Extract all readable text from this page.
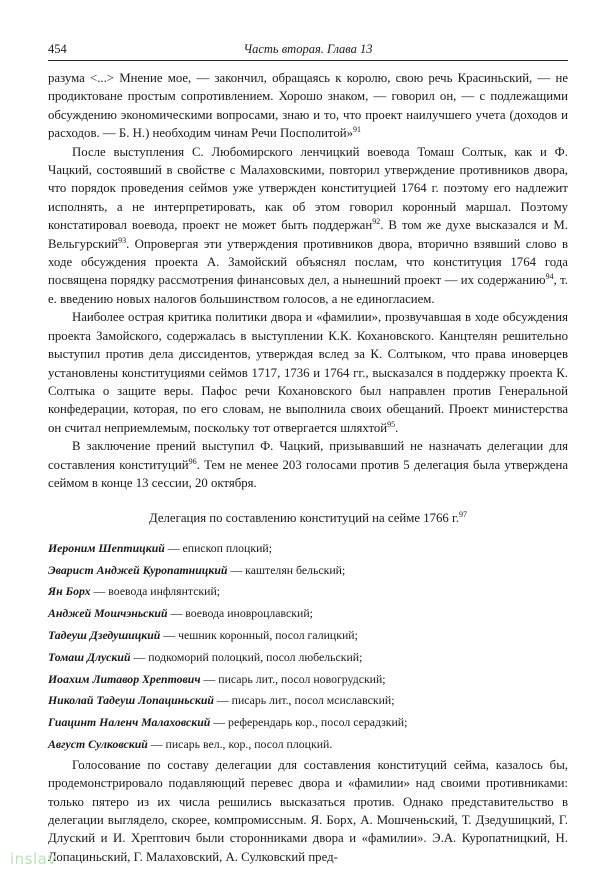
454	Часть вторая. Глава 13

разума <...> Мнение мое, — закончил, обращаясь к королю, свою речь Красиньский, — не продиктоване простым сопротивлением. Хорошо знаком, — говорил он, — с подлежащими обсуждению экономическими вопросами, знаю и то, что проект наилучшего учета (доходов и расходов. — Б. Н.) необходим чинам Речи Посполитой»$^{91}$

После выступления С. Любомирского ленчицкий воевода Томаш Солтык, как и Ф. Чацкий, состоявший в свойстве с Малаховскими, повторил утверждение противников двора, что порядок проведения сеймов уже утвержден конституцией 1764 г. поэтому его надлежит исполнять, а не интерпретировать, как об этом говорил коронный маршал. Поэтому констатировал воевода, проект не может быть поддержан$^{92}$. В том же духе высказался и М. Вельгурский$^{93}$. Опровергая эти утверждения противников двора, вторично взявший слово в ходе обсуждения проекта А. Замойский объяснял послам, что конституция 1764 года посвящена порядку рассмотрения финансовых дел, а нынешний проект — их содержанию$^{94}$, т. е. введению новых налогов большинством голосов, а не единогласием.

Наиболее острая критика политики двора и «фамилии», прозвучавшая в ходе обсуждения проекта Замойского, содержалась в выступлении К.К. Кохановского. Канцтелян решительно выступил против дела диссидентов, утверждая вслед за К. Солтыком, что права иноверцев установлены конституциями сеймов 1717, 1736 и 1764 гг., высказался в поддержку проекта К. Солтыка о защите веры. Пафос речи Кохановского был направлен против Генеральной конфедерации, которая, по его словам, не выполнила своих обещаний. Проект министерства он считал неприемлемым, поскольку тот отвергается шляхтой$^{95}$.

В заключение прений выступил Ф. Чацкий, призывавший не назначать делегации для составления конституций$^{96}$. Тем не менее 203 голосами против 5 делегация была утверждена сеймом в конце 13 сессии, 20 октября.

Делегация по составлению конституций на сейме 1766 г.$^{97}$
Иероним Шептицкий — епископ плоцкий;
Эварист Анджей Куропатницкий — каштелян бельский;
Ян Борх — воевода инфлянтский;
Анджей Мошчэньский — воевода иноврoцлавский;
Тадеуш Дзедушицкий — чешник коронный, посол галицкий;
Томаш Длуский — подкоморий полоцкий, посол любельский;
Иоахим Литавор Хрептович — писарь лит., посол новогрудский;
Николай Тадеуш Лопациньский — писарь лит., посол мсиславский;
Гиацинт Наленч Малаховский — референдарь кор., посол серадзкий;
Август Сулковский — писарь вел., кор., посол плоцкий.

Голосование по составу делегации для составления конституций сейма, казалось бы, продемонстрировало подавляющий перевес двора и «фамилии» над своими противниками: только пятеро из их числа решились высказаться против. Однако представительство в делегации выглядело, скорее, компромиссным. Я. Борх, А. Мошченьский, Т. Дзедушицкий, Г. Длуский и И. Хрептович были сторонниками двора и «фамилии». Э.А. Куропатницкий, Н. Лопациньский, Г. Малаховский, А. Сулковский пред-

inslav
